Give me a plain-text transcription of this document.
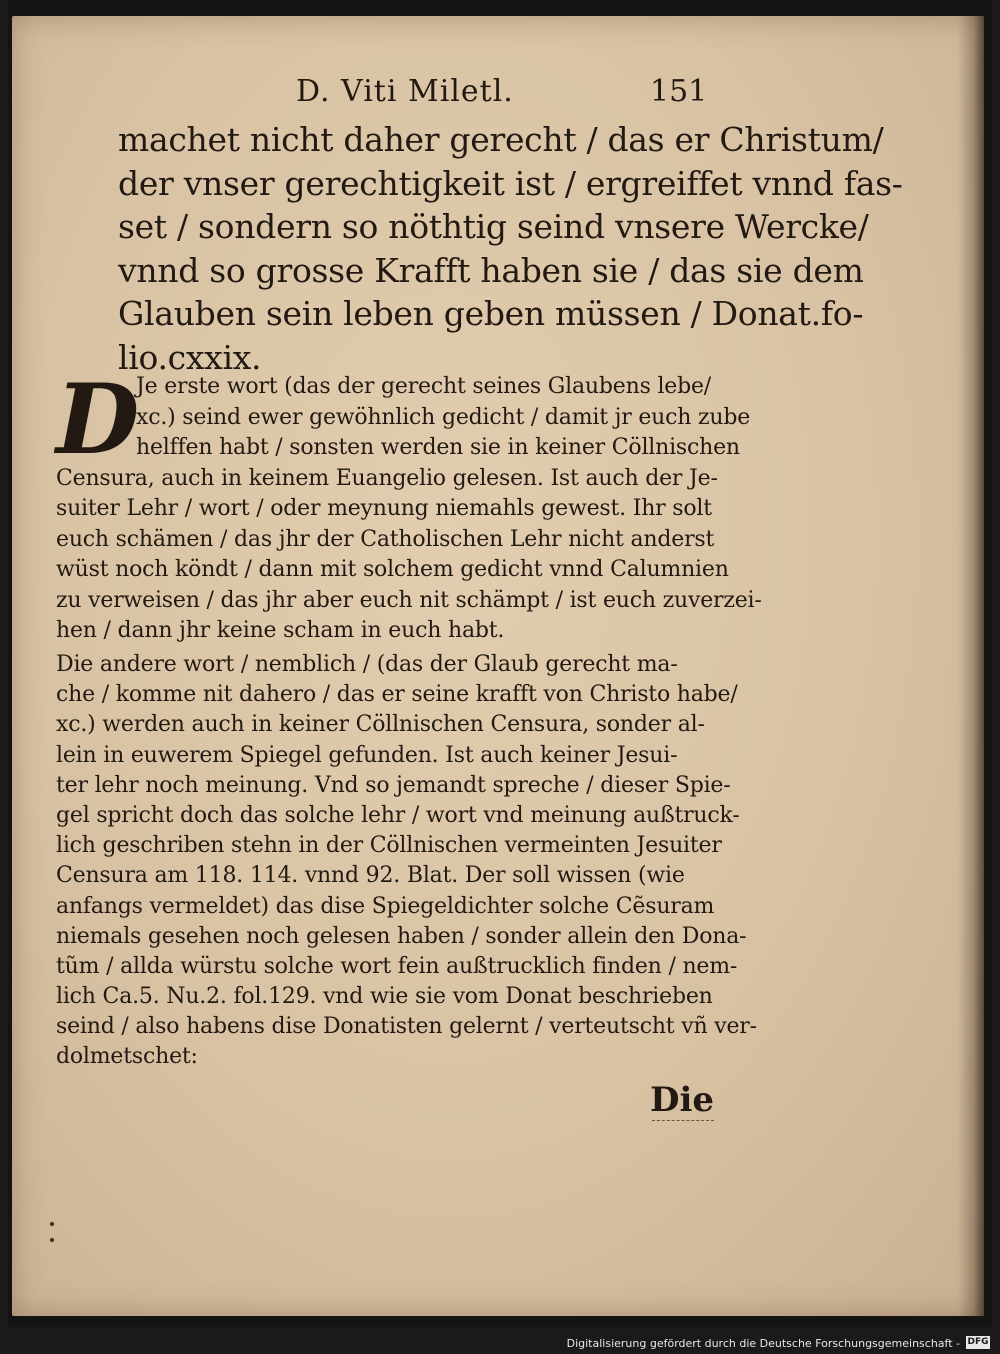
D. Viti Miletl.	151
machet nicht daher gerecht / das er Christum/
der vnser gerechtigkeit ist / ergreiffet vnnd fas-
set / sondern so nöthtig seind vnsere Wercke/
vnnd so grosse Krafft haben sie / das sie dem
Glauben sein leben geben müssen / Donat.fo-
lio.cxxix.
D
Je erste wort (das der gerecht seines Glaubens lebe/
xc.) seind ewer gewöhnlich gedicht / damit jr euch zube
helffen habt / sonsten werden sie in keiner Cöllnischen
Censura, auch in keinem Euangelio gelesen. Ist auch der Je-
suiter Lehr / wort / oder meynung niemahls gewest. Ihr solt
euch schämen / das jhr der Catholischen Lehr nicht anderst
wüst noch köndt / dann mit solchem gedicht vnnd Calumnien
zu verweisen / das jhr aber euch nit schämpt / ist euch zuverzei-
hen / dann jhr keine scham in euch habt.
Die andere wort / nemblich / (das der Glaub gerecht ma-
che / komme nit dahero / das er seine krafft von Christo habe/
xc.) werden auch in keiner Cöllnischen Censura, sonder al-
lein in euwerem Spiegel gefunden. Ist auch keiner Jesui-
ter lehr noch meinung. Vnd so jemandt spreche / dieser Spie-
gel spricht doch das solche lehr / wort vnd meinung außtruck-
lich geschriben stehn in der Cöllnischen vermeinten Jesuiter
Censura am 118. 114. vnnd 92. Blat. Der soll wissen (wie
anfangs vermeldet) das dise Spiegeldichter solche Cẽsuram
niemals gesehen noch gelesen haben / sonder allein den Dona-
tũm / allda würstu solche wort fein außtrucklich finden / nem-
lich Ca.5. Nu.2. fol.129. vnd wie sie vom Donat beschrieben
seind / also habens dise Donatisten gelernt / verteutscht vñ ver-
dolmetschet:
Die
Digitalisierung gefördert durch die Deutsche Forschungsgemeinschaft - DFG
